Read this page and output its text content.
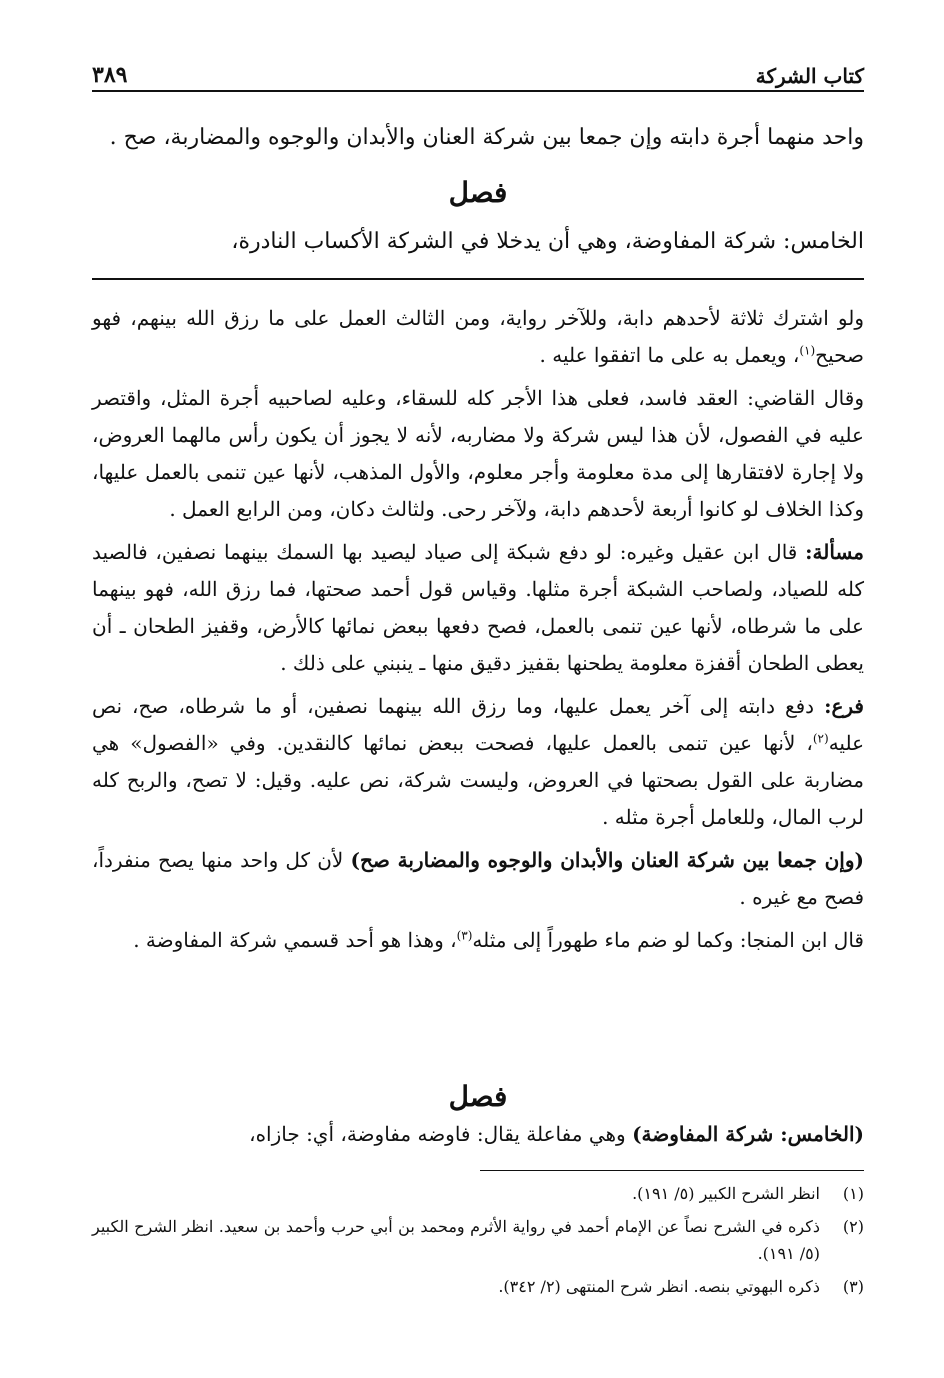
كتاب الشركة
٣٨٩

واحد منهما أجرة دابته وإن جمعا بين شركة العنان والأبدان والوجوه والمضاربة، صح .

فصل

الخامس: شركة المفاوضة، وهي أن يدخلا في الشركة الأكساب النادرة،

ولو اشترك ثلاثة لأحدهم دابة، وللآخر رواية، ومن الثالث العمل على ما رزق الله بينهم، فهو صحيح$^{(١)}$، ويعمل به على ما اتفقوا عليه .

وقال القاضي: العقد فاسد، فعلى هذا الأجر كله للسقاء، وعليه لصاحبيه أجرة المثل، واقتصر عليه في الفصول، لأن هذا ليس شركة ولا مضاربه، لأنه لا يجوز أن يكون رأس مالهما العروض، ولا إجارة لافتقارها إلى مدة معلومة وأجر معلوم، والأول المذهب، لأنها عين تنمى بالعمل عليها، وكذا الخلاف لو كانوا أربعة لأحدهم دابة، ولآخر رحى. ولثالث دكان، ومن الرابع العمل .

مسألة: قال ابن عقيل وغيره: لو دفع شبكة إلى صياد ليصيد بها السمك بينهما نصفين، فالصيد كله للصياد، ولصاحب الشبكة أجرة مثلها. وقياس قول أحمد صحتها، فما رزق الله، فهو بينهما على ما شرطاه، لأنها عين تنمى بالعمل، فصح دفعها ببعض نمائها كالأرض، وقفيز الطحان ـ أن يعطى الطحان أقفزة معلومة يطحنها بقفيز دقيق منها ـ ينبني على ذلك .

فرع: دفع دابته إلى آخر يعمل عليها، وما رزق الله بينهما نصفين، أو ما شرطاه، صح، نص عليه$^{(٢)}$، لأنها عين تنمى بالعمل عليها، فصحت ببعض نمائها كالنقدين. وفي «الفصول» هي مضاربة على القول بصحتها في العروض، وليست شركة، نص عليه. وقيل: لا تصح، والربح كله لرب المال، وللعامل أجرة مثله .

(وإن جمعا بين شركة العنان والأبدان والوجوه والمضاربة صح) لأن كل واحد منها يصح منفرداً، فصح مع غيره .

قال ابن المنجا: وكما لو ضم ماء طهوراً إلى مثله$^{(٣)}$، وهذا هو أحد قسمي شركة المفاوضة .

فصل

(الخامس: شركة المفاوضة) وهي مفاعلة يقال: فاوضه مفاوضة، أي: جازاه،

(١)
انظر الشرح الكبير (٥/ ١٩١).
(٢)
ذكره في الشرح نصاً عن الإمام أحمد في رواية الأثرم ومحمد بن أبي حرب وأحمد بن سعيد. انظر الشرح الكبير (٥/ ١٩١).
(٣)
ذكره البهوتي بنصه. انظر شرح المنتهى (٢/ ٣٤٢).
